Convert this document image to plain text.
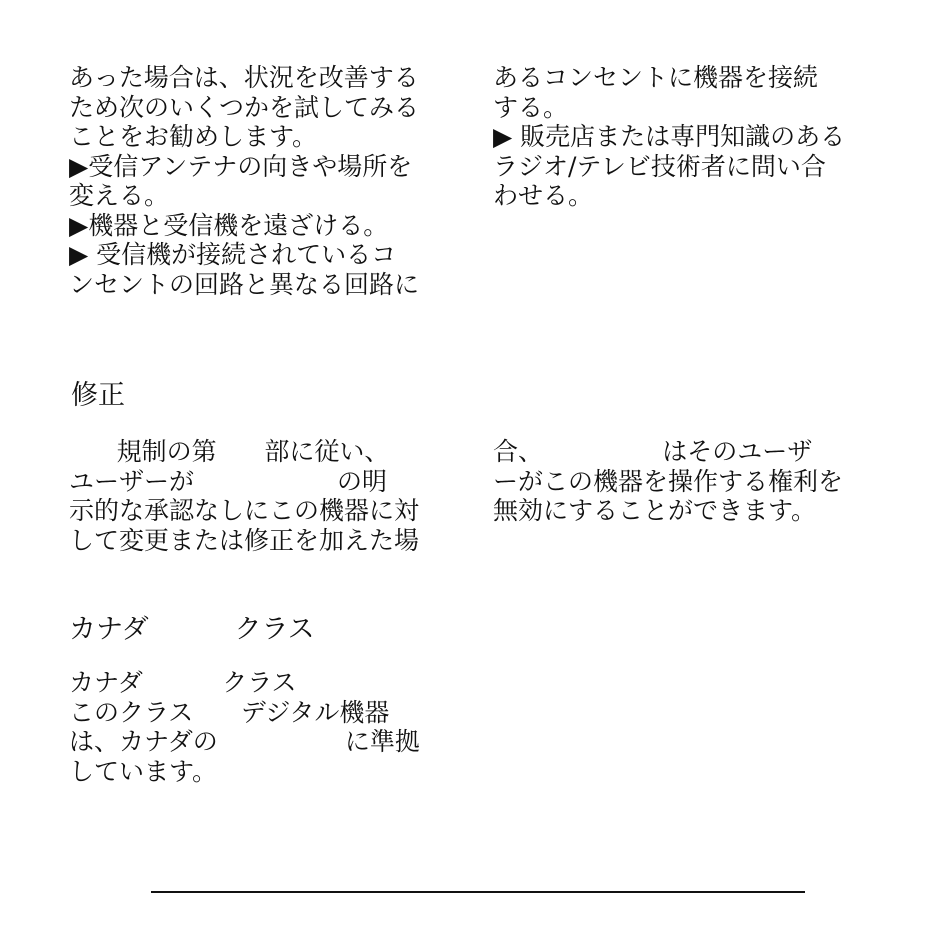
あった場合は、状況を改善する
ため次のいくつかを試してみる
ことをお勧めします。
▶受信アンテナの向きや場所を
変える。
▶機器と受信機を遠ざける。
▶ 受信機が接続されているコ
ンセントの回路と異なる回路に
あるコンセントに機器を接続
する。
▶ 販売店または専門知識のある
ラジオ/テレビ技術者に問い合
わせる。
修正
規制の第      部に従い、
ユーザーが                  の明
示的な承認なしにこの機器に対
して変更または修正を加えた場
合、               はそのユーザ
ーがこの機器を操作する権利を
無効にすることができます。
カナダ          クラス
カナダ          クラス
このクラス      デジタル機器
は、カナダの                に準拠
しています。
